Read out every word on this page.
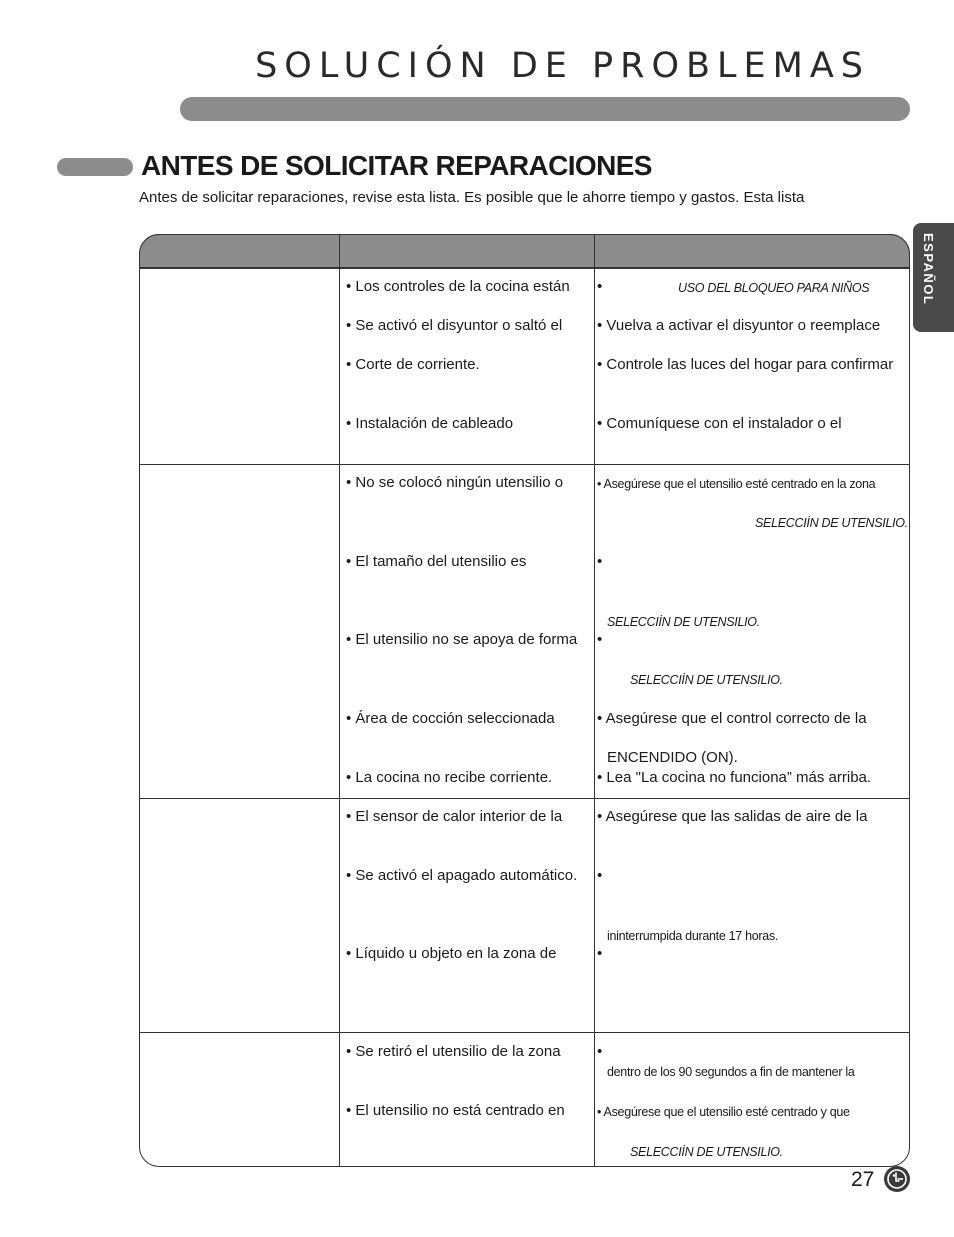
SOLUCIÓN DE PROBLEMAS
ANTES DE SOLICITAR REPARACIONES
Antes de solicitar reparaciones, revise esta lista. Es posible que le ahorre tiempo y gastos. Esta lista
ESPAÑOL
• Los controles de la cocina están
• Se activó el disyuntor o saltó el
• Corte de corriente.
• Instalación de cableado
•	USO DEL BLOQUEO PARA NIÑOS
• Vuelva a activar el disyuntor o reemplace
• Controle las luces del hogar para confirmar
• Comuníquese con el instalador o el
• No se colocó ningún utensilio o
• El tamaño del utensilio es
• El utensilio no se apoya de forma
• Área de cocción seleccionada
• La cocina no recibe corriente.
• Asegúrese que el utensilio esté centrado en la zona
SELECCIİN DE UTENSILIO.
•
SELECCIİN DE UTENSILIO.
•
SELECCIİN DE UTENSILIO.
• Asegúrese que el control correcto de la
ENCENDIDO (ON).
• Lea "La cocina no funciona” más arriba.
• El sensor de calor interior de la
• Se activó el apagado automático.
• Líquido u objeto en la zona de
• Asegúrese que las salidas de aire de la
•
ininterrumpida durante 17 horas.
•
• Se retiró el utensilio de la zona
• El utensilio no está centrado en
•
dentro de los 90 segundos a fin de mantener la
• Asegúrese que el utensilio esté centrado y que
SELECCIİN DE UTENSILIO.
27
